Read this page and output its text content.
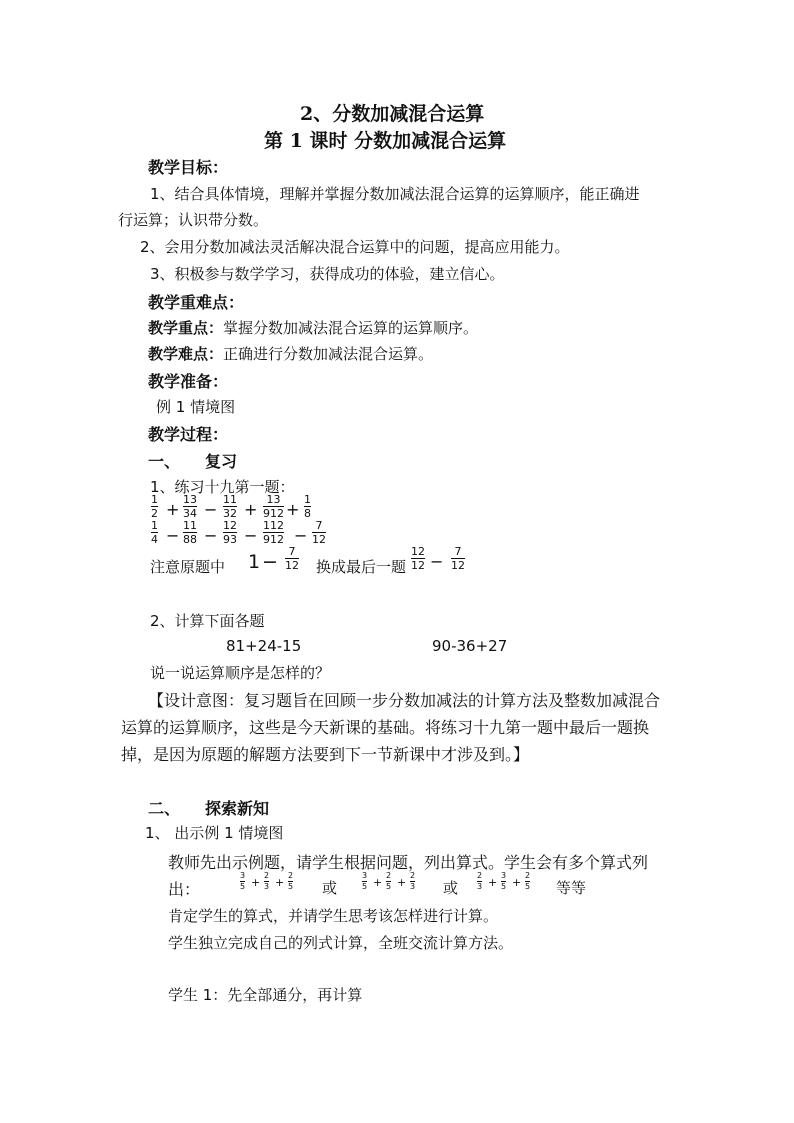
2、分数加减混合运算
第 1 课时 分数加减混合运算
教学目标：
1、结合具体情境，理解并掌握分数加减法混合运算的运算顺序，能正确进
行运算；认识带分数。
2、会用分数加减法灵活解决混合运算中的问题，提高应用能力。
3、积极参与数学学习，获得成功的体验，建立信心。
教学重难点：
教学重点：掌握分数加减法混合运算的运算顺序。
教学难点：正确进行分数加减法混合运算。
教学准备：
例 1 情境图
教学过程：
一、 复习
1、练习十九第一题：
1
2 +
13
34 −
11
32 +
13
912 +
1
8
1
4 −
11
88 −
12
93 −
112
912 −
7
12
注意原题中 1 − 7
12 换成最后一题
12
12 −
7
12
2、计算下面各题
81+24-15	90-36+27
说一说运算顺序是怎样的？
【设计意图：复习题旨在回顾一步分数加减法的计算方法及整数加减混合
运算的运算顺序，这些是今天新课的基础。将练习十九第一题中最后一题换
掉，是因为原题的解题方法要到下一节新课中才涉及到。】
二、 探索新知
1、 出示例 1 情境图
教师先出示例题，请学生根据问题，列出算式。学生会有多个算式列
出：
3
5 +
2
3 +
2
5 或
3
5 +
2
5 +
2
3 或
2
3 +
3
5 +
2
5 等等
肯定学生的算式，并请学生思考该怎样进行计算。
学生独立完成自己的列式计算，全班交流计算方法。
学生 1：先全部通分，再计算
